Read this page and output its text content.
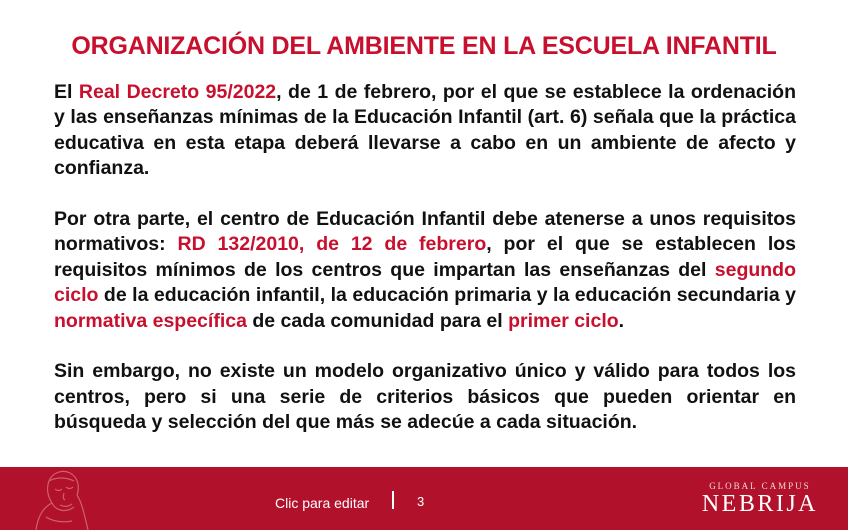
ORGANIZACIÓN DEL AMBIENTE EN LA ESCUELA INFANTIL

El Real Decreto 95/2022, de 1 de febrero, por el que se establece la ordenación y las enseñanzas mínimas de la Educación Infantil (art. 6) señala que la práctica educativa en esta etapa deberá llevarse a cabo en un ambiente de afecto y confianza.

Por otra parte, el centro de Educación Infantil debe atenerse a unos requisitos normativos: RD 132/2010, de 12 de febrero, por el que se establecen los requisitos mínimos de los centros que impartan las enseñanzas del segundo ciclo de la educación infantil, la educación primaria y la educación secundaria y normativa específica de cada comunidad para el primer ciclo.

Sin embargo, no existe un modelo organizativo único y válido para todos los centros, pero si una serie de criterios básicos que pueden orientar en búsqueda y selección del que más se adecúe a cada situación.

Clic para editar	3
GLOBAL CAMPUS
NEBRIJA
